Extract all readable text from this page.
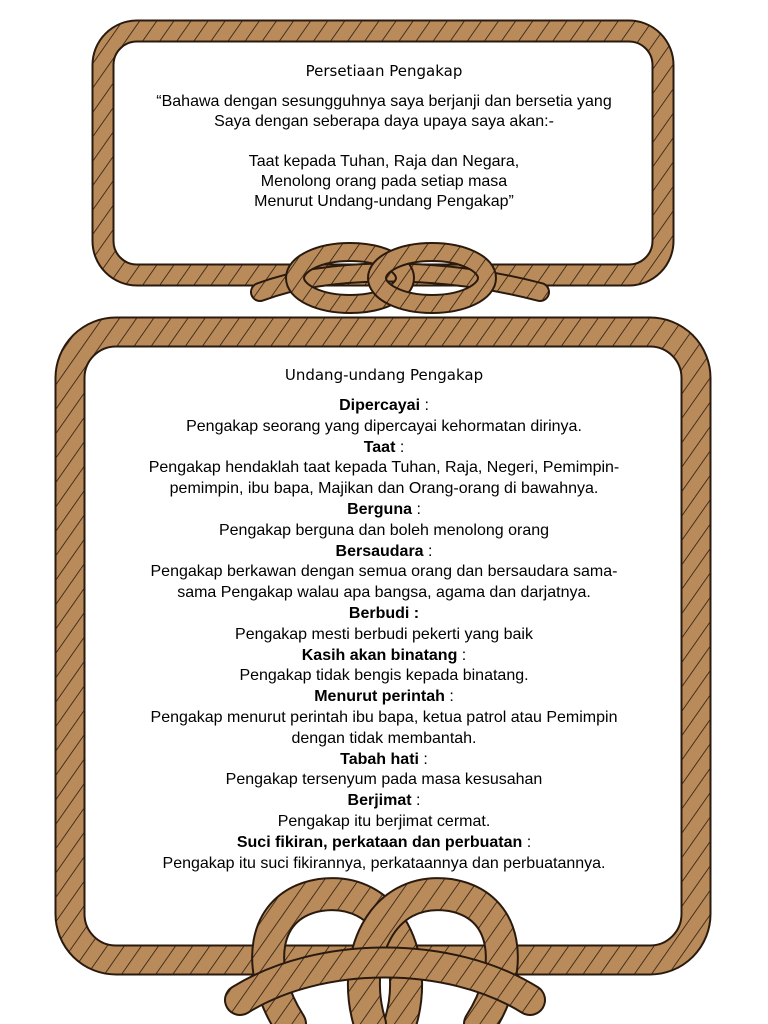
Persetiaan Pengakap

“Bahawa dengan sesungguhnya saya berjanji dan bersetia yang

Saya dengan seberapa daya upaya saya akan:-

Taat kepada Tuhan, Raja dan Negara,

Menolong orang pada setiap masa

Menurut Undang-undang Pengakap”

Undang-undang Pengakap

Dipercayai :

Pengakap seorang yang dipercayai kehormatan dirinya.

Taat :

Pengakap hendaklah taat kepada Tuhan, Raja, Negeri, Pemimpin-

pemimpin, ibu bapa, Majikan dan Orang-orang di bawahnya.

Berguna :

Pengakap berguna dan boleh menolong orang

Bersaudara :

Pengakap berkawan dengan semua orang dan bersaudara sama-

sama Pengakap walau apa bangsa, agama dan darjatnya.

Berbudi :

Pengakap mesti berbudi pekerti yang baik

Kasih akan binatang :

Pengakap tidak bengis kepada binatang.

Menurut perintah :

Pengakap menurut perintah ibu bapa, ketua patrol atau Pemimpin

dengan tidak membantah.

Tabah hati :

Pengakap tersenyum pada masa kesusahan

Berjimat :

Pengakap itu berjimat cermat.

Suci fikiran, perkataan dan perbuatan :

Pengakap itu suci fikirannya, perkataannya dan perbuatannya.
